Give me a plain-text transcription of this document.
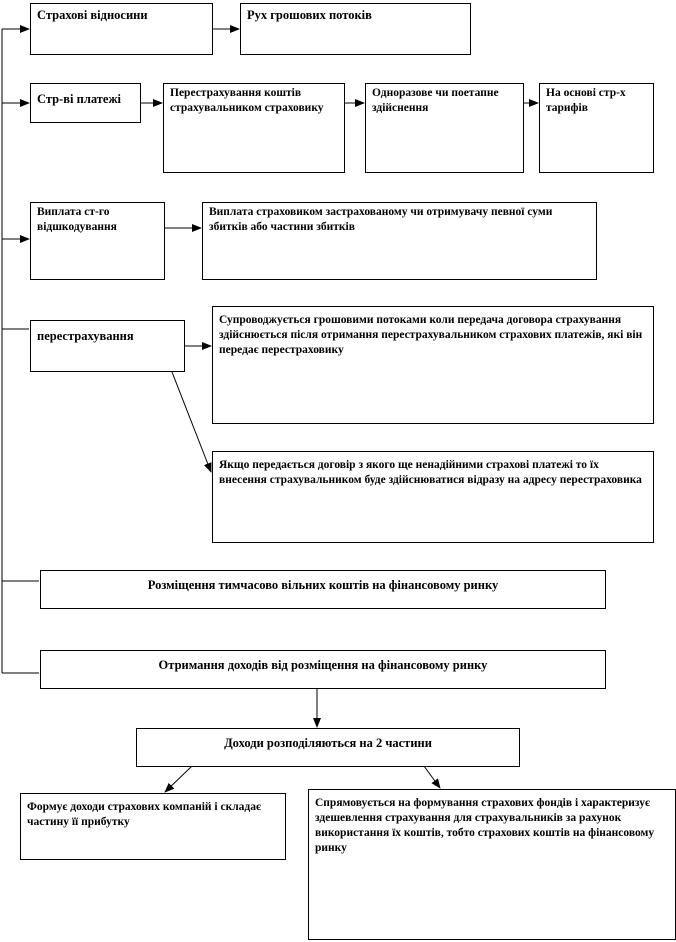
Страхові відносини	Рух грошових потоків
Стр-ві платежі	Перестрахування коштів страхувальником страховику
Одноразове чи поетапне здійснення
На основі стр-х тарифів
Виплата ст-го відшкодування
Виплата страховиком застрахованому чи отримувачу певної суми збитків або частини збитків
перестрахування
Супроводжується грошовими потоками коли передача договора страхування здійснюється після отримання перестрахувальником страхових платежів, які він передає перестраховику
Якщо передається договір з якого ще ненадійними страхові платежі то їх внесення страхувальником буде здійснюватися відразу на адресу перестраховика
Розміщення тимчасово вільних коштів на фінансовому ринку
Отримання доходів від розміщення на фінансовому ринку
Доходи розподіляються на 2 частини
Формує доходи страхових компаній і складає частину її прибутку
Спрямовується на формування страхових фондів і характеризує здешевлення страхування для страхувальників за рахунок використання їх коштів, тобто страхових коштів на фінансовому ринку
